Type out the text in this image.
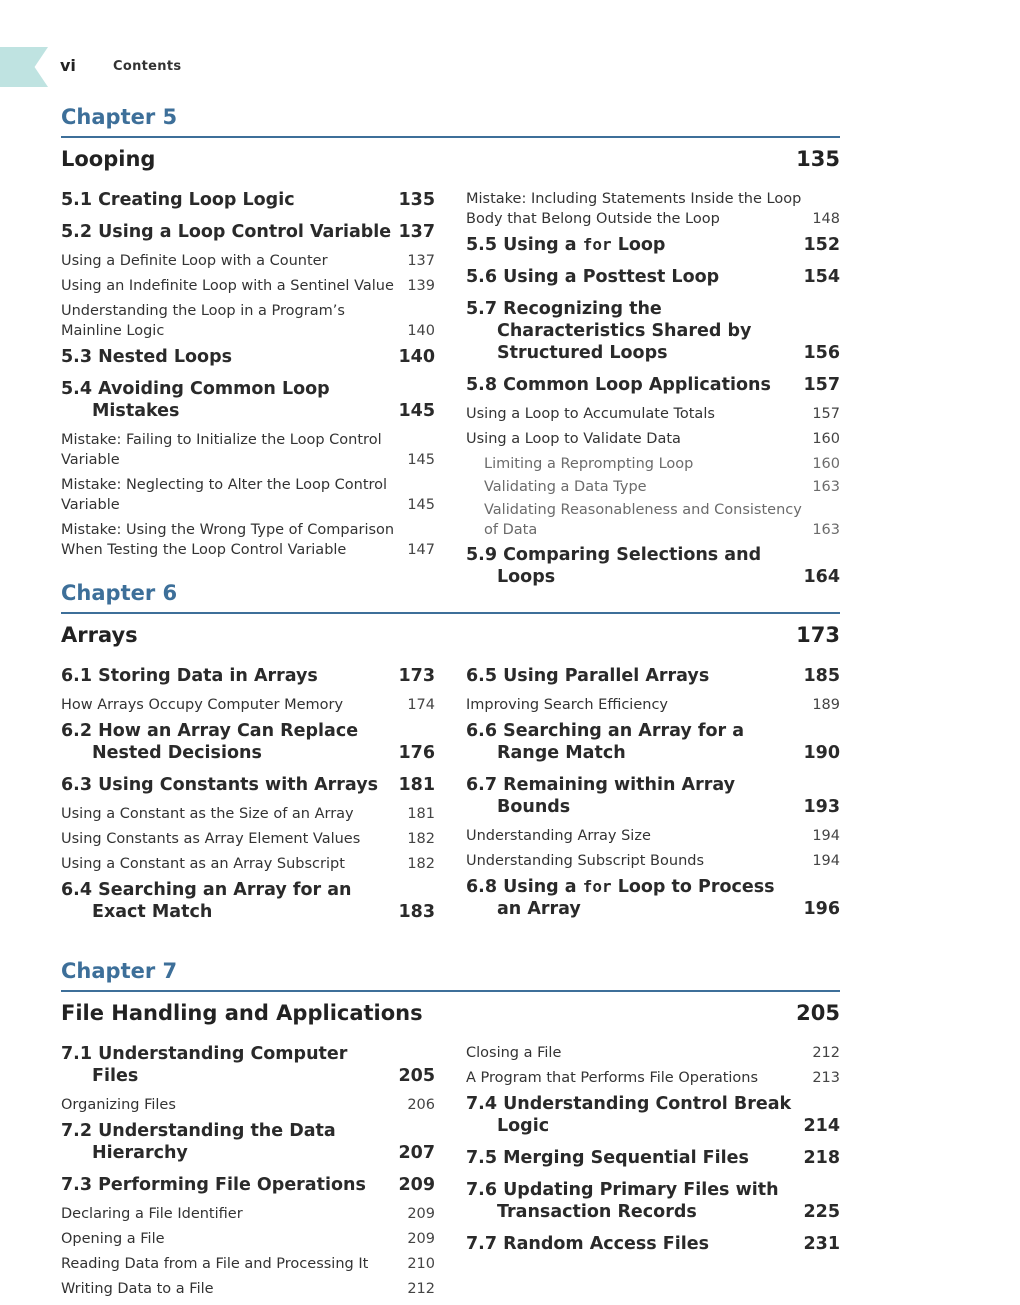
vi	Contents
Chapter 5
Looping	135
5.1 Creating Loop Logic	135
5.2 Using a Loop Control Variable 137
Using a Definite Loop with a Counter	137
Using an Indefinite Loop with a Sentinel Value 139
Understanding the Loop in a Program’s Mainline Logic	140
5.3 Nested Loops	140
5.4 Avoiding Common Loop Mistakes	145
Mistake: Failing to Initialize the Loop Control Variable	145
Mistake: Neglecting to Alter the Loop Control Variable	145
Mistake: Using the Wrong Type of Comparison When Testing the Loop Control Variable	147
Mistake: Including Statements Inside the Loop Body that Belong Outside the Loop	148
5.5 Using a for Loop	152
5.6 Using a Posttest Loop	154
5.7 Recognizing the Characteristics Shared by Structured Loops	156
5.8 Common Loop Applications	157
Using a Loop to Accumulate Totals	157
Using a Loop to Validate Data	160
Limiting a Reprompting Loop	160
Validating a Data Type	163
Validating Reasonableness and Consistency of Data	163
5.9 Comparing Selections and Loops	164
Chapter 6
Arrays	173
6.1 Storing Data in Arrays	173
How Arrays Occupy Computer Memory	174
6.2 How an Array Can Replace Nested Decisions	176
6.3 Using Constants with Arrays	181
Using a Constant as the Size of an Array	181
Using Constants as Array Element Values	182
Using a Constant as an Array Subscript	182
6.4 Searching an Array for an Exact Match	183
6.5 Using Parallel Arrays	185
Improving Search Efficiency	189
6.6 Searching an Array for a Range Match	190
6.7 Remaining within Array Bounds	193
Understanding Array Size	194
Understanding Subscript Bounds	194
6.8 Using a for Loop to Process an Array	196
Chapter 7
File Handling and Applications	205
7.1 Understanding Computer Files	205
Organizing Files	206
7.2 Understanding the Data Hierarchy	207
7.3 Performing File Operations	209
Declaring a File Identifier	209
Opening a File	209
Reading Data from a File and Processing It	210
Writing Data to a File	212
Closing a File	212
A Program that Performs File Operations	213
7.4 Understanding Control Break Logic	214
7.5 Merging Sequential Files	218
7.6 Updating Primary Files with Transaction Records	225
7.7 Random Access Files	231
